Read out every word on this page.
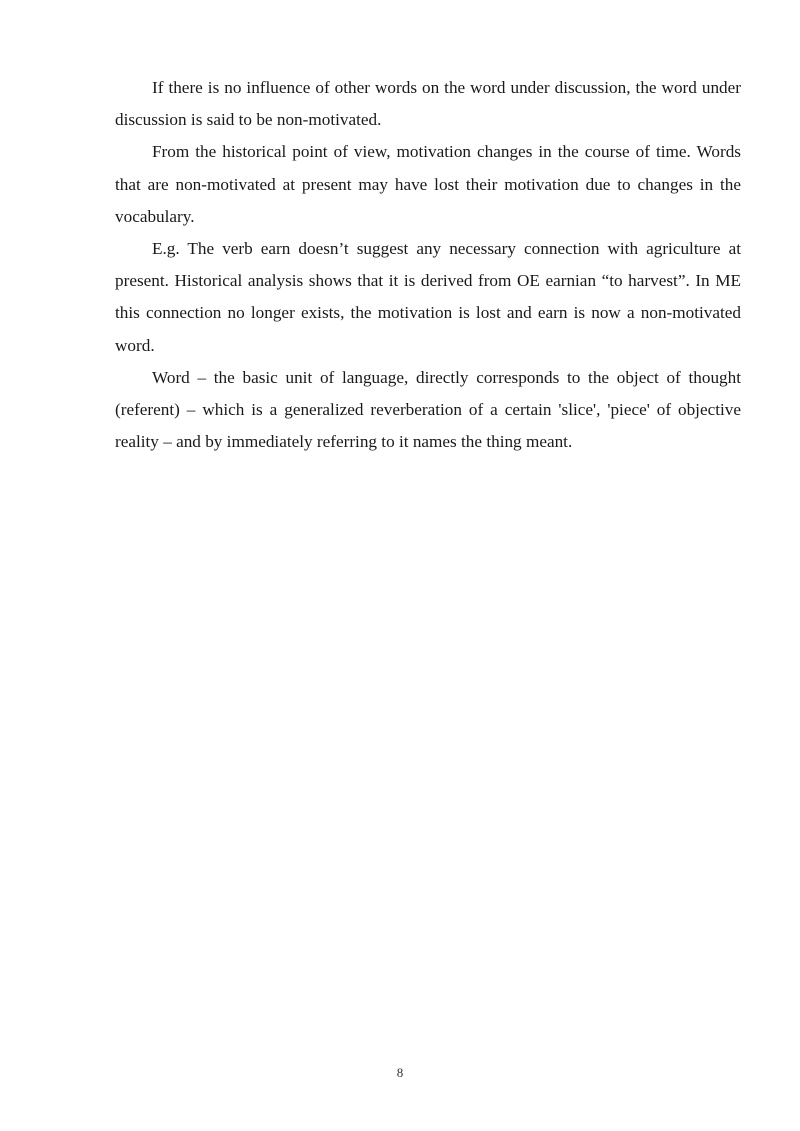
If there is no influence of other words on the word under discussion, the word under discussion is said to be non-motivated.

From the historical point of view, motivation changes in the course of time. Words that are non-motivated at present may have lost their motivation due to changes in the vocabulary.

E.g. The verb earn doesn’t suggest any necessary connection with agriculture at present. Historical analysis shows that it is derived from OE earnian “to harvest”. In ME this connection no longer exists, the motivation is lost and earn is now a non-motivated word.

Word – the basic unit of language, directly corresponds to the object of thought (referent) – which is a generalized reverberation of a certain 'slice', 'piece' of objective reality – and by immediately referring to it names the thing meant.

8
